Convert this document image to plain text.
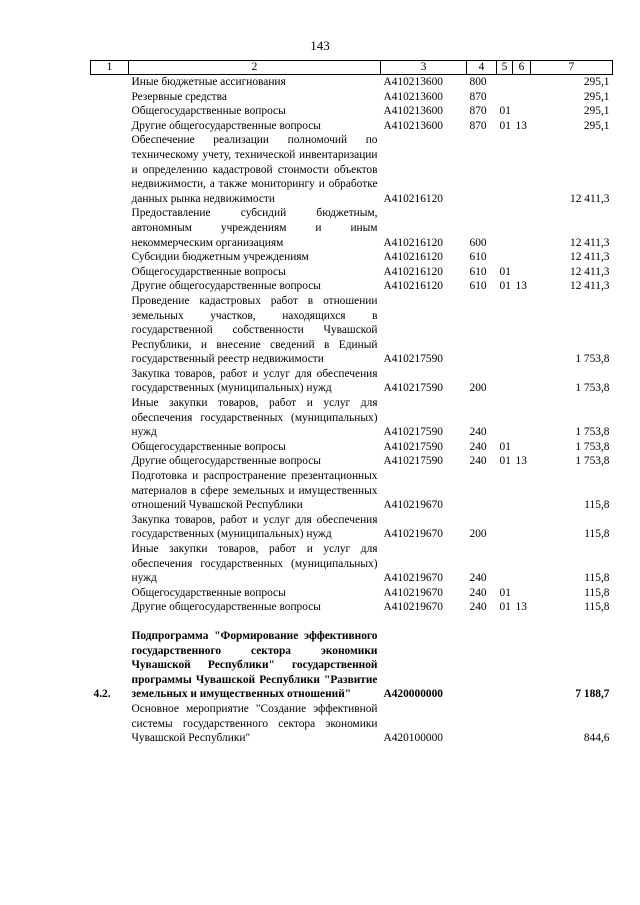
143
1	2	3	4	5	6	7
	Иные бюджетные ассигнования	А410213600	800			295,1
	Резервные средства	А410213600	870			295,1
	Общегосударственные вопросы	А410213600	870	01		295,1
	Другие общегосударственные вопросы	А410213600	870	01	13	295,1
	Обеспечение реализации полномочий по техническому учету, технической инвентаризации и определению кадастровой стоимости объектов недвижимости, а также мониторингу и обработке данных рынка недвижимости	А410216120				12 411,3
	Предоставление субсидий бюджетным, автономным учреждениям и иным некоммерческим организациям	А410216120	600			12 411,3
	Субсидии бюджетным учреждениям	А410216120	610			12 411,3
	Общегосударственные вопросы	А410216120	610	01		12 411,3
	Другие общегосударственные вопросы	А410216120	610	01	13	12 411,3
	Проведение кадастровых работ в отношении земельных участков, находящихся в государственной собственности Чувашской Республики, и внесение сведений в Единый государственный реестр недвижимости	А410217590				1 753,8
	Закупка товаров, работ и услуг для обеспечения государственных (муниципальных) нужд	А410217590	200			1 753,8
	Иные закупки товаров, работ и услуг для обеспечения государственных (муниципальных) нужд	А410217590	240			1 753,8
	Общегосударственные вопросы	А410217590	240	01		1 753,8
	Другие общегосударственные вопросы	А410217590	240	01	13	1 753,8
	Подготовка и распространение презентационных материалов в сфере земельных и имущественных отношений Чувашской Республики	А410219670				115,8
	Закупка товаров, работ и услуг для обеспечения государственных (муниципальных) нужд	А410219670	200			115,8
	Иные закупки товаров, работ и услуг для обеспечения государственных (муниципальных) нужд	А410219670	240			115,8
	Общегосударственные вопросы	А410219670	240	01		115,8
	Другие общегосударственные вопросы	А410219670	240	01	13	115,8

4.2.	Подпрограмма "Формирование эффективного государственного сектора экономики Чувашской Республики" государственной программы Чувашской Республики "Развитие земельных и имущественных отношений"	А420000000				7 188,7
	Основное мероприятие "Создание эффективной системы государственного сектора экономики Чувашской Республики"	А420100000				844,6
